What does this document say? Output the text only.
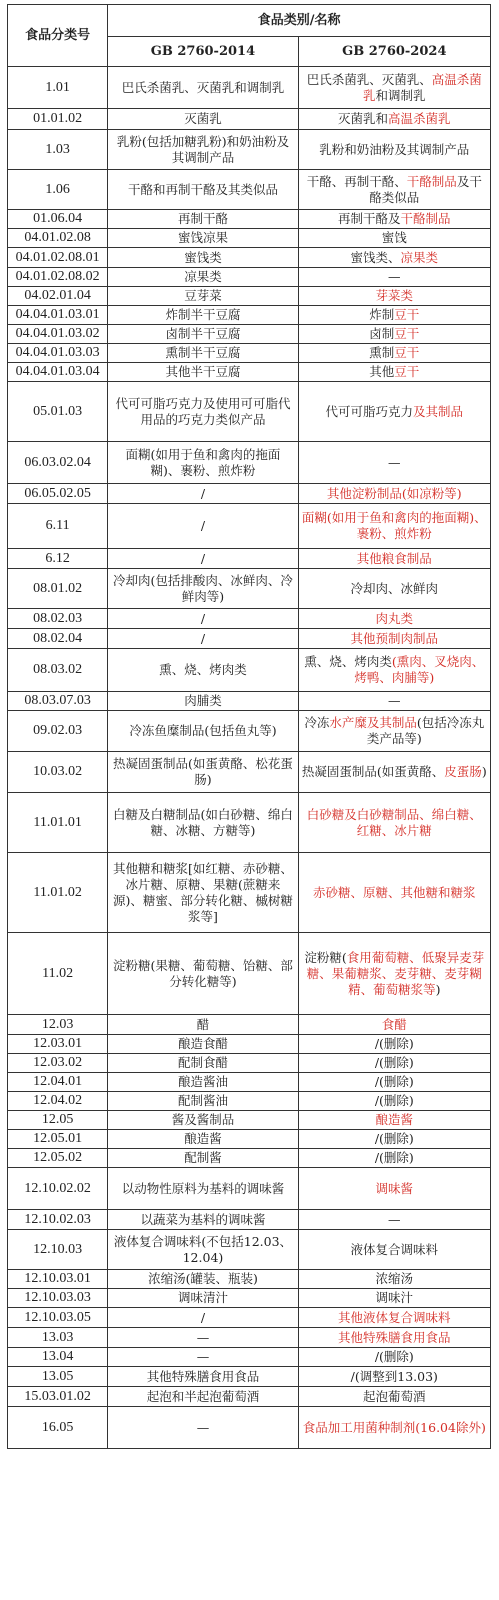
食品分类号	食品类别/名称	
	GB 2760-2014	GB 2760-2024
1.01	巴氏杀菌乳、灭菌乳和调制乳	巴氏杀菌乳、灭菌乳、高温杀菌乳和调制乳
01.01.02	灭菌乳	灭菌乳和高温杀菌乳
1.03	乳粉(包括加糖乳粉)和奶油粉及其调制产品	乳粉和奶油粉及其调制产品
1.06	干酪和再制干酪及其类似品	干酪、再制干酪、干酪制品及干酪类似品
01.06.04	再制干酪	再制干酪及干酪制品
04.01.02.08	蜜饯凉果	蜜饯
04.01.02.08.01	蜜饯类	蜜饯类、凉果类
04.01.02.08.02	凉果类	—
04.02.01.04	豆芽菜	芽菜类
04.04.01.03.01	炸制半干豆腐	炸制豆干
04.04.01.03.02	卤制半干豆腐	卤制豆干
04.04.01.03.03	熏制半干豆腐	熏制豆干
04.04.01.03.04	其他半干豆腐	其他豆干
05.01.03	代可可脂巧克力及使用可可脂代用品的巧克力类似产品	代可可脂巧克力及其制品
06.03.02.04	面糊(如用于鱼和禽肉的拖面糊)、裹粉、煎炸粉	—
06.05.02.05	/	其他淀粉制品(如凉粉等)
6.11	/	面糊(如用于鱼和禽肉的拖面糊)、裹粉、煎炸粉
6.12	/	其他粮食制品
08.01.02	冷却肉(包括排酸肉、冰鲜肉、冷鲜肉等)	冷却肉、冰鲜肉
08.02.03	/	肉丸类
08.02.04	/	其他预制肉制品
08.03.02	熏、烧、烤肉类	熏、烧、烤肉类(熏肉、叉烧肉、烤鸭、肉脯等)
08.03.07.03	肉脯类	—
09.02.03	冷冻鱼糜制品(包括鱼丸等)	冷冻水产糜及其制品(包括冷冻丸类产品等)
10.03.02	热凝固蛋制品(如蛋黄酪、松花蛋肠)	热凝固蛋制品(如蛋黄酪、皮蛋肠)
11.01.01	白糖及白糖制品(如白砂糖、绵白糖、冰糖、方糖等)	白砂糖及白砂糖制品、绵白糖、红糖、冰片糖
11.01.02	其他糖和糖浆[如红糖、赤砂糖、冰片糖、原糖、果糖(蔗糖来源)、糖蜜、部分转化糖、槭树糖浆等]	赤砂糖、原糖、其他糖和糖浆
11.02	淀粉糖(果糖、葡萄糖、饴糖、部分转化糖等)	淀粉糖(食用葡萄糖、低聚异麦芽糖、果葡糖浆、麦芽糖、麦芽糊精、葡萄糖浆等)
12.03	醋	食醋
12.03.01	酿造食醋	/(删除)
12.03.02	配制食醋	/(删除)
12.04.01	酿造酱油	/(删除)
12.04.02	配制酱油	/(删除)
12.05	酱及酱制品	酿造酱
12.05.01	酿造酱	/(删除)
12.05.02	配制酱	/(删除)
12.10.02.02	以动物性原料为基料的调味酱	调味酱
12.10.02.03	以蔬菜为基料的调味酱	—
12.10.03	液体复合调味料(不包括12.03、12.04)	液体复合调味料
12.10.03.01	浓缩汤(罐装、瓶装)	浓缩汤
12.10.03.03	调味清汁	调味汁
12.10.03.05	/	其他液体复合调味料
13.03	—	其他特殊膳食用食品
13.04	—	/(删除)
13.05	其他特殊膳食用食品	/(调整到13.03)
15.03.01.02	起泡和半起泡葡萄酒	起泡葡萄酒
16.05	—	食品加工用菌种制剂(16.04除外)
